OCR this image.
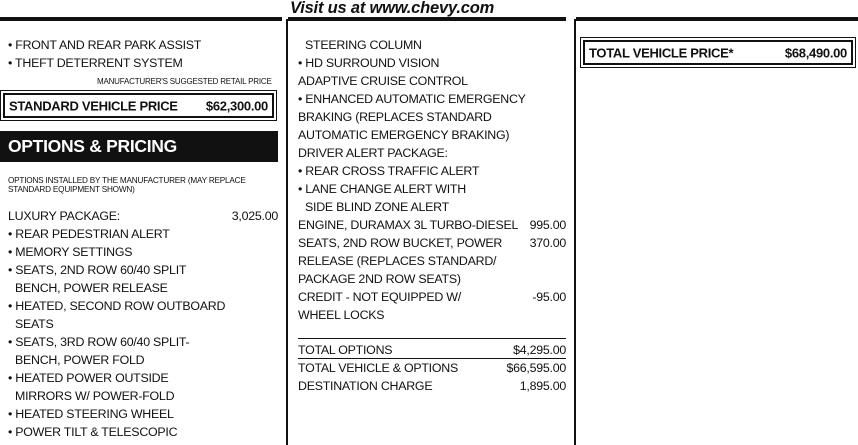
Visit us at www.chevy.com
• FRONT AND REAR PARK ASSIST
• THEFT DETERRENT SYSTEM
MANUFACTURER'S SUGGESTED RETAIL PRICE
STANDARD VEHICLE PRICE $62,300.00
OPTIONS & PRICING
OPTIONS INSTALLED BY THE MANUFACTURER (MAY REPLACE STANDARD EQUIPMENT SHOWN)
LUXURY PACKAGE:	3,025.00
• REAR PEDESTRIAN ALERT
• MEMORY SETTINGS
• SEATS, 2ND ROW 60/40 SPLIT
BENCH, POWER RELEASE
• HEATED, SECOND ROW OUTBOARD
SEATS
• SEATS, 3RD ROW 60/40 SPLIT-
BENCH, POWER FOLD
• HEATED POWER OUTSIDE
MIRRORS W/ POWER-FOLD
• HEATED STEERING WHEEL
• POWER TILT & TELESCOPIC
STEERING COLUMN
• HD SURROUND VISION
ADAPTIVE CRUISE CONTROL
• ENHANCED AUTOMATIC EMERGENCY
BRAKING (REPLACES STANDARD
AUTOMATIC EMERGENCY BRAKING)
DRIVER ALERT PACKAGE:
• REAR CROSS TRAFFIC ALERT
• LANE CHANGE ALERT WITH
SIDE BLIND ZONE ALERT
ENGINE, DURAMAX 3L TURBO-DIESEL 995.00
SEATS, 2ND ROW BUCKET, POWER 370.00
RELEASE (REPLACES STANDARD/
PACKAGE 2ND ROW SEATS)
CREDIT - NOT EQUIPPED W/	-95.00
WHEEL LOCKS
TOTAL OPTIONS	$4,295.00
TOTAL VEHICLE & OPTIONS	$66,595.00
DESTINATION CHARGE	1,895.00
TOTAL VEHICLE PRICE*	$68,490.00
